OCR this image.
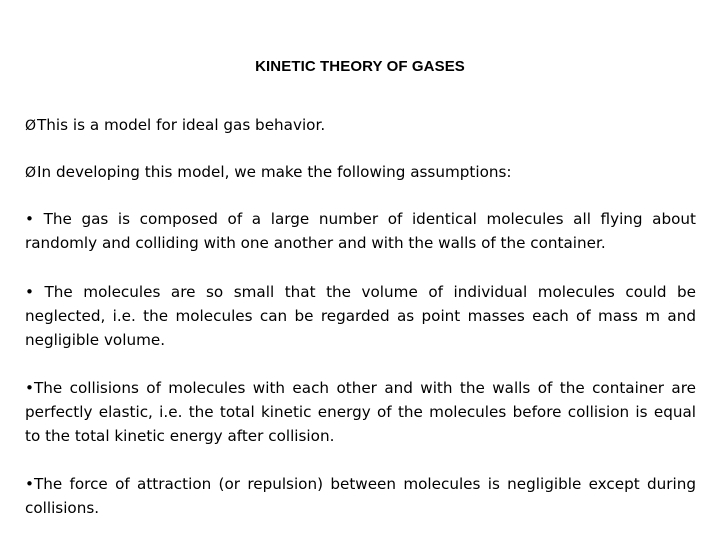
KINETIC THEORY OF GASES

ØThis is a model for ideal gas behavior.

ØIn developing this model, we make the following assumptions:

• The gas is composed of a large number of identical molecules all flying about randomly and colliding with one another and with the walls of the container.

• The molecules are so small that the volume of individual molecules could be neglected, i.e. the molecules can be regarded as point masses each of mass m and negligible volume.

•The collisions of molecules with each other and with the walls of the container are perfectly elastic, i.e. the total kinetic energy of the molecules before collision is equal to the total kinetic energy after collision.

•The force of attraction (or repulsion) between molecules is negligible except during collisions.
